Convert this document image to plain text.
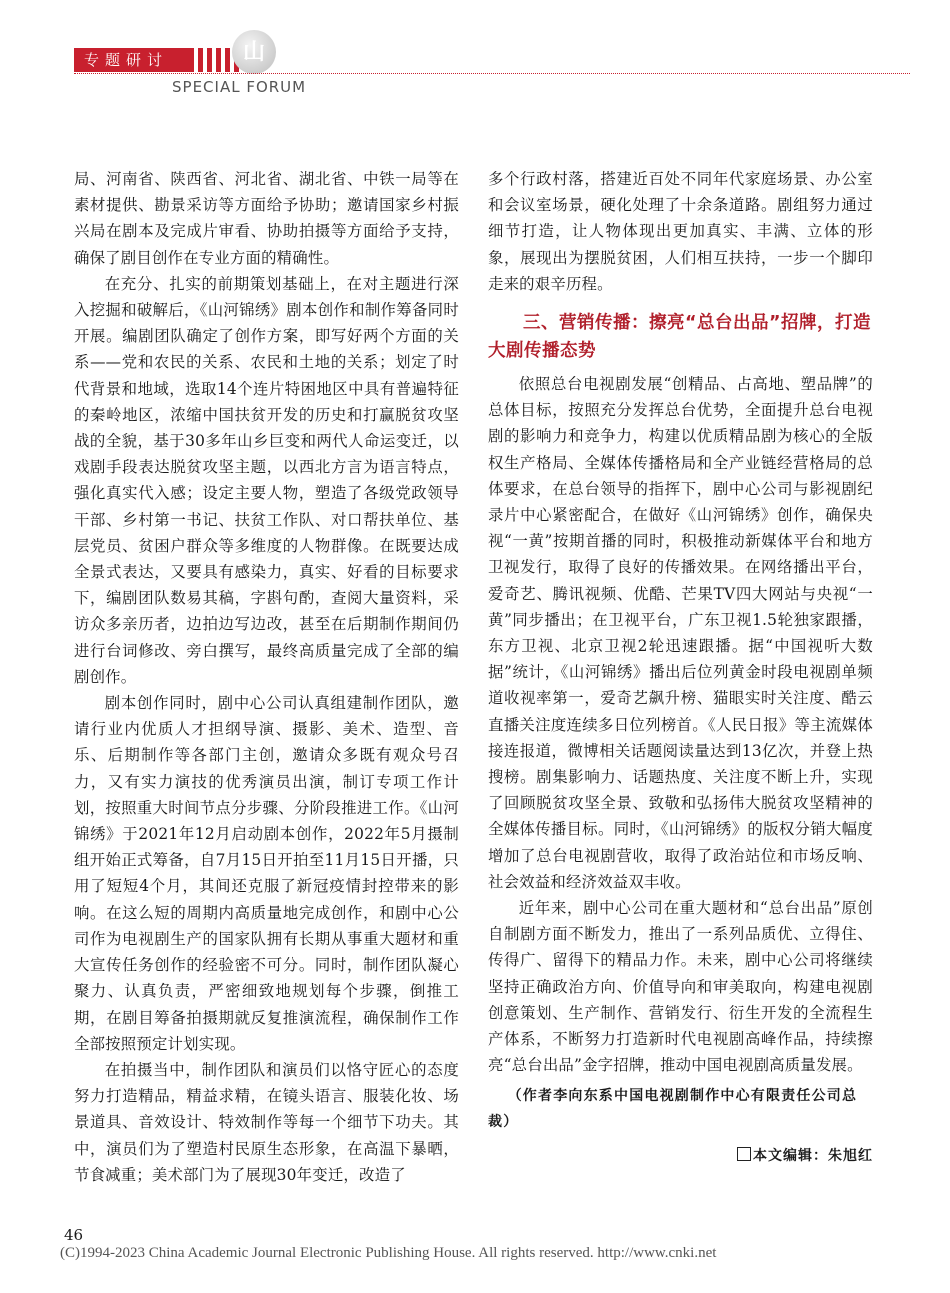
专题研讨	山
SPECIAL FORUM

局、河南省、陕西省、河北省、湖北省、中铁一局等在素材提供、勘景采访等方面给予协助；邀请国家乡村振兴局在剧本及完成片审看、协助拍摄等方面给予支持，确保了剧目创作在专业方面的精确性。

在充分、扎实的前期策划基础上，在对主题进行深入挖掘和破解后，《山河锦绣》剧本创作和制作筹备同时开展。编剧团队确定了创作方案，即写好两个方面的关系——党和农民的关系、农民和土地的关系；划定了时代背景和地域，选取14个连片特困地区中具有普遍特征的秦岭地区，浓缩中国扶贫开发的历史和打赢脱贫攻坚战的全貌，基于30多年山乡巨变和两代人命运变迁，以戏剧手段表达脱贫攻坚主题，以西北方言为语言特点，强化真实代入感；设定主要人物，塑造了各级党政领导干部、乡村第一书记、扶贫工作队、对口帮扶单位、基层党员、贫困户群众等多维度的人物群像。在既要达成全景式表达，又要具有感染力，真实、好看的目标要求下，编剧团队数易其稿，字斟句酌，查阅大量资料，采访众多亲历者，边拍边写边改，甚至在后期制作期间仍进行台词修改、旁白撰写，最终高质量完成了全部的编剧创作。

剧本创作同时，剧中心公司认真组建制作团队，邀请行业内优质人才担纲导演、摄影、美术、造型、音乐、后期制作等各部门主创，邀请众多既有观众号召力，又有实力演技的优秀演员出演，制订专项工作计划，按照重大时间节点分步骤、分阶段推进工作。《山河锦绣》于2021年12月启动剧本创作，2022年5月摄制组开始正式筹备，自7月15日开拍至11月15日开播，只用了短短4个月，其间还克服了新冠疫情封控带来的影响。在这么短的周期内高质量地完成创作，和剧中心公司作为电视剧生产的国家队拥有长期从事重大题材和重大宣传任务创作的经验密不可分。同时，制作团队凝心聚力、认真负责，严密细致地规划每个步骤，倒推工期，在剧目筹备拍摄期就反复推演流程，确保制作工作全部按照预定计划实现。

在拍摄当中，制作团队和演员们以恪守匠心的态度努力打造精品，精益求精，在镜头语言、服装化妆、场景道具、音效设计、特效制作等每一个细节下功夫。其中，演员们为了塑造村民原生态形象，在高温下暴晒，节食减重；美术部门为了展现30年变迁，改造了

多个行政村落，搭建近百处不同年代家庭场景、办公室和会议室场景，硬化处理了十余条道路。剧组努力通过细节打造，让人物体现出更加真实、丰满、立体的形象，展现出为摆脱贫困，人们相互扶持，一步一个脚印走来的艰辛历程。

三、营销传播：擦亮“总台出品”招牌，打造大剧传播态势

依照总台电视剧发展“创精品、占高地、塑品牌”的总体目标，按照充分发挥总台优势，全面提升总台电视剧的影响力和竞争力，构建以优质精品剧为核心的全版权生产格局、全媒体传播格局和全产业链经营格局的总体要求，在总台领导的指挥下，剧中心公司与影视剧纪录片中心紧密配合，在做好《山河锦绣》创作，确保央视“一黄”按期首播的同时，积极推动新媒体平台和地方卫视发行，取得了良好的传播效果。在网络播出平台，爱奇艺、腾讯视频、优酷、芒果TV四大网站与央视“一黄”同步播出；在卫视平台，广东卫视1.5轮独家跟播，东方卫视、北京卫视2轮迅速跟播。据“中国视听大数据”统计，《山河锦绣》播出后位列黄金时段电视剧单频道收视率第一，爱奇艺飙升榜、猫眼实时关注度、酷云直播关注度连续多日位列榜首。《人民日报》等主流媒体接连报道，微博相关话题阅读量达到13亿次，并登上热搜榜。剧集影响力、话题热度、关注度不断上升，实现了回顾脱贫攻坚全景、致敬和弘扬伟大脱贫攻坚精神的全媒体传播目标。同时，《山河锦绣》的版权分销大幅度增加了总台电视剧营收，取得了政治站位和市场反响、社会效益和经济效益双丰收。

近年来，剧中心公司在重大题材和“总台出品”原创自制剧方面不断发力，推出了一系列品质优、立得住、传得广、留得下的精品力作。未来，剧中心公司将继续坚持正确政治方向、价值导向和审美取向，构建电视剧创意策划、生产制作、营销发行、衍生开发的全流程生产体系，不断努力打造新时代电视剧高峰作品，持续擦亮“总台出品”金字招牌，推动中国电视剧高质量发展。

（作者李向东系中国电视剧制作中心有限责任公司总裁）

本文编辑：朱旭红
46
(C)1994-2023 China Academic Journal Electronic Publishing House. All rights reserved. http://www.cnki.net
